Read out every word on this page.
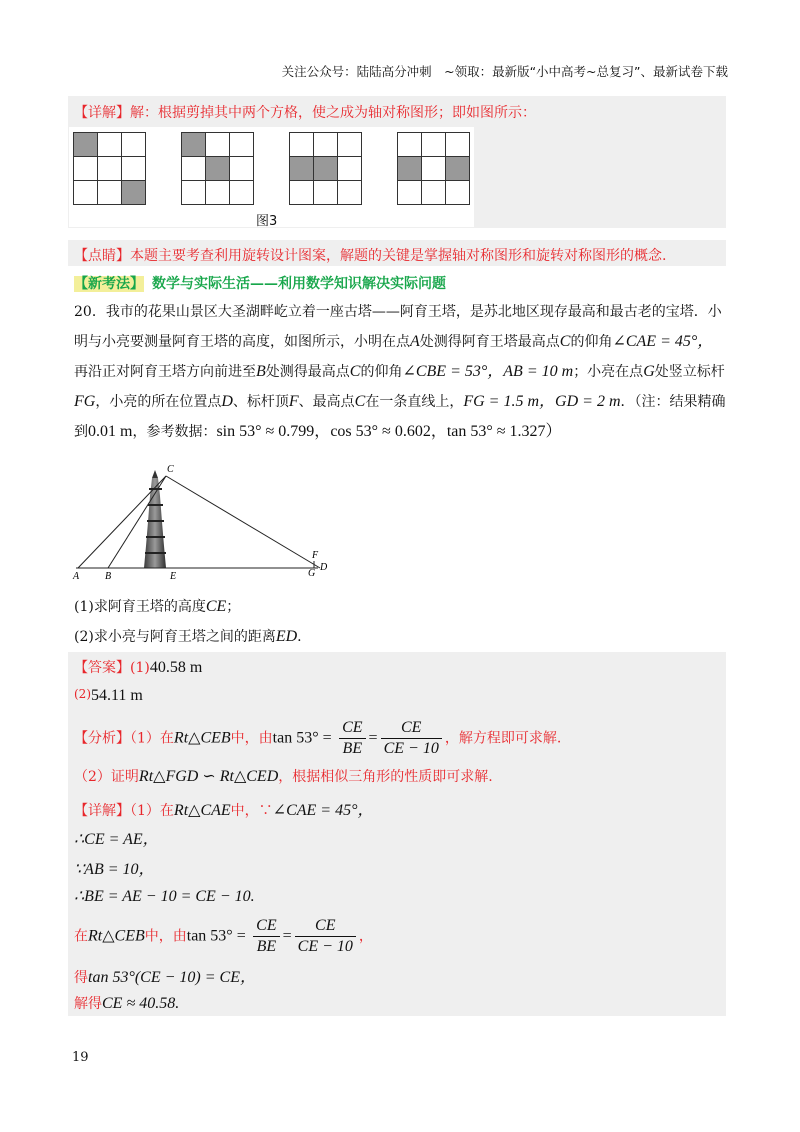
关注公众号：陆陆高分冲刺　~领取：最新版“小中高考~总复习”、最新试卷下载
【详解】解：根据剪掉其中两个方格，使之成为轴对称图形；即如图所示：

图3
【点睛】本题主要考查利用旋转设计图案，解题的关键是掌握轴对称图形和旋转对称图形的概念.
【新考法】 数学与实际生活——利用数学知识解决实际问题
20．我市的花果山景区大圣湖畔屹立着一座古塔——阿育王塔，是苏北地区现存最高和最古老的宝塔．小
明与小亮要测量阿育王塔的高度，如图所示，小明在点A处测得阿育王塔最高点C的仰角∠CAE = 45°，
再沿正对阿育王塔方向前进至B处测得最高点C的仰角∠CBE = 53°，AB = 10 m；小亮在点G处竖立标杆
FG，小亮的所在位置点D、标杆顶F、最高点C在一条直线上，FG = 1.5 m，GD = 2 m．（注：结果精确
到0.01 m，参考数据：sin 53° ≈ 0.799，cos 53° ≈ 0.602，tan 53° ≈ 1.327）
C
A	B	E
F
G
D
(1)求阿育王塔的高度CE；
(2)求小亮与阿育王塔之间的距离ED.
【答案】(1)40.58 m
(2)54.11 m
【分析】（1）在Rt△CEB中，由$\tan 53^\circ = \frac{CE}{BE} = \frac{CE}{CE - 10}$ ，解方程即可求解.
（2）证明Rt△FGD ∽ Rt△CED，根据相似三角形的性质即可求解.
【详解】（1）在Rt△CAE中，∵∠CAE = 45°，
∴CE = AE，
∵AB = 10，
∴BE = AE − 10 = CE − 10.
在Rt△CEB中，由$\tan 53^\circ = \frac{CE}{BE} = \frac{CE}{CE - 10}$ ，
得tan 53°(CE − 10) = CE，
解得CE ≈ 40.58.
19
